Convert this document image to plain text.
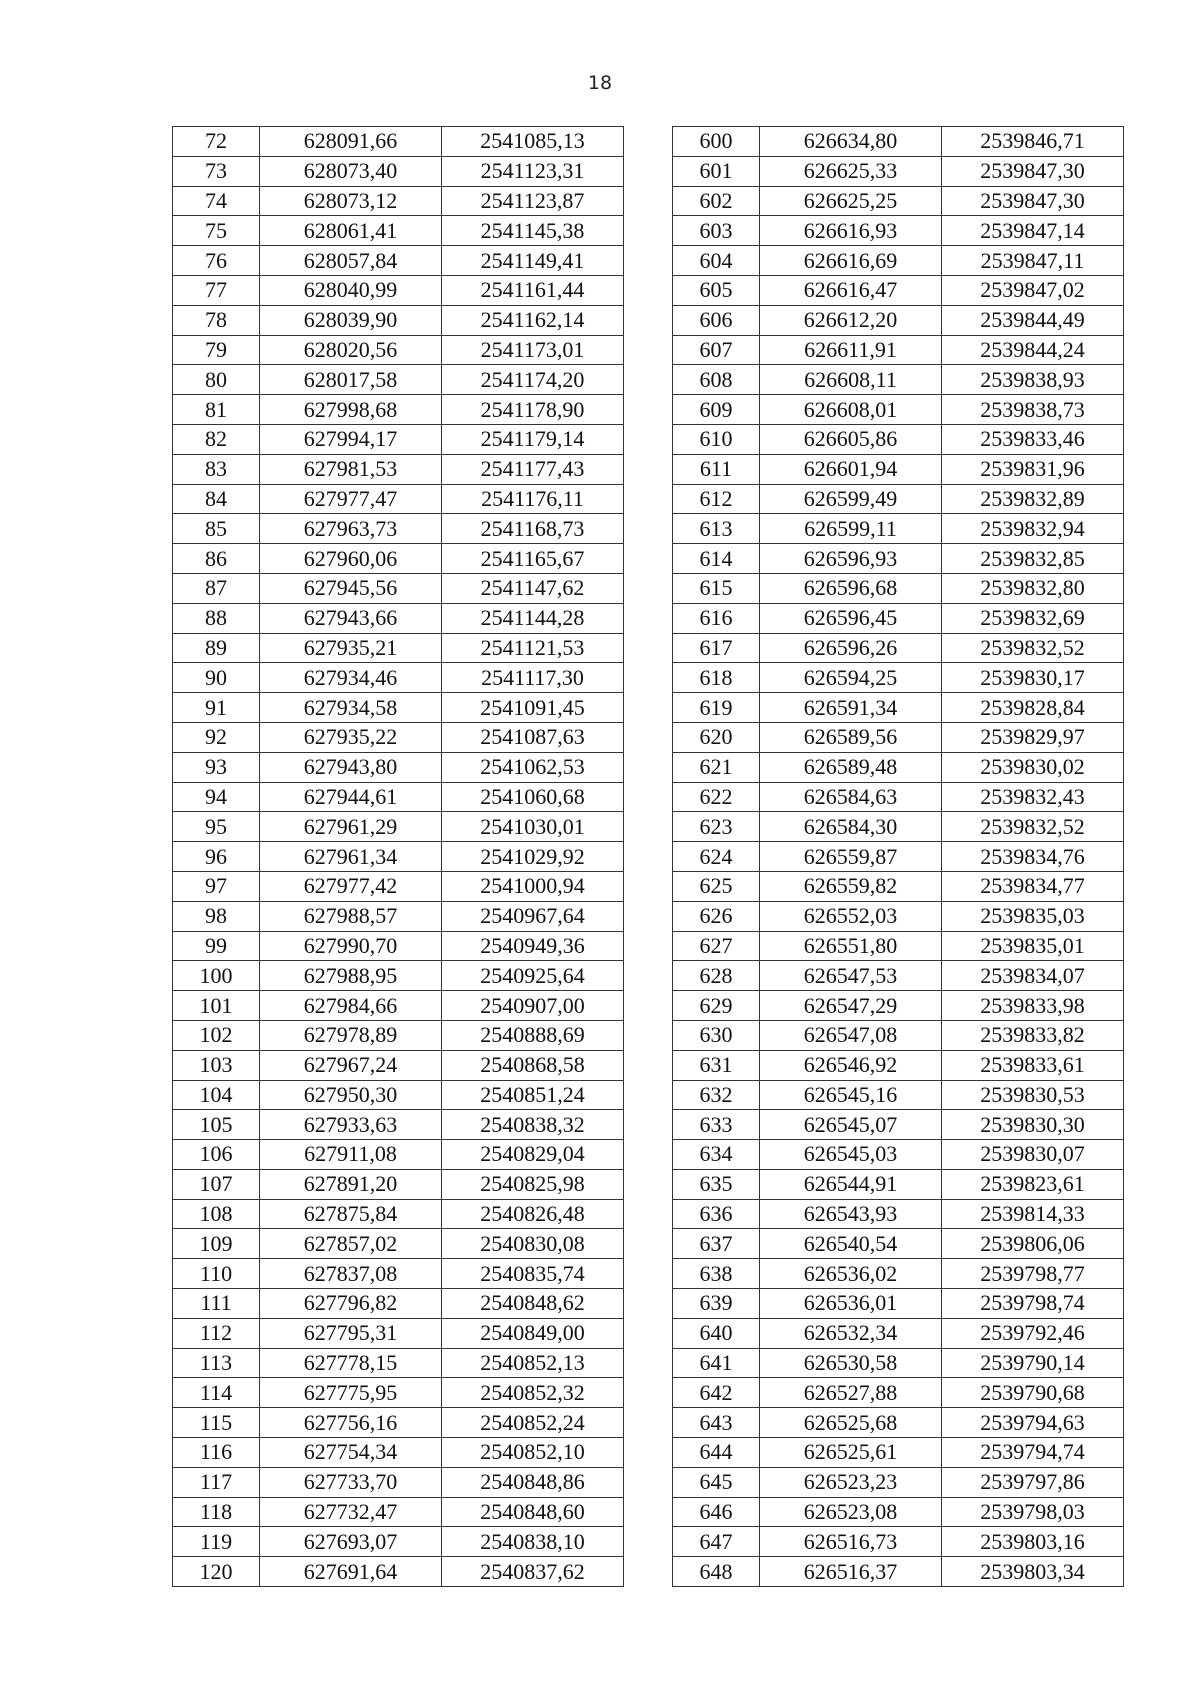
18
72	628091,66	2541085,13		600	626634,80	2539846,71
73	628073,40	2541123,31		601	626625,33	2539847,30
74	628073,12	2541123,87		602	626625,25	2539847,30
75	628061,41	2541145,38		603	626616,93	2539847,14
76	628057,84	2541149,41		604	626616,69	2539847,11
77	628040,99	2541161,44		605	626616,47	2539847,02
78	628039,90	2541162,14		606	626612,20	2539844,49
79	628020,56	2541173,01		607	626611,91	2539844,24
80	628017,58	2541174,20		608	626608,11	2539838,93
81	627998,68	2541178,90		609	626608,01	2539838,73
82	627994,17	2541179,14		610	626605,86	2539833,46
83	627981,53	2541177,43		611	626601,94	2539831,96
84	627977,47	2541176,11		612	626599,49	2539832,89
85	627963,73	2541168,73		613	626599,11	2539832,94
86	627960,06	2541165,67		614	626596,93	2539832,85
87	627945,56	2541147,62		615	626596,68	2539832,80
88	627943,66	2541144,28		616	626596,45	2539832,69
89	627935,21	2541121,53		617	626596,26	2539832,52
90	627934,46	2541117,30		618	626594,25	2539830,17
91	627934,58	2541091,45		619	626591,34	2539828,84
92	627935,22	2541087,63		620	626589,56	2539829,97
93	627943,80	2541062,53		621	626589,48	2539830,02
94	627944,61	2541060,68		622	626584,63	2539832,43
95	627961,29	2541030,01		623	626584,30	2539832,52
96	627961,34	2541029,92		624	626559,87	2539834,76
97	627977,42	2541000,94		625	626559,82	2539834,77
98	627988,57	2540967,64		626	626552,03	2539835,03
99	627990,70	2540949,36		627	626551,80	2539835,01
100	627988,95	2540925,64		628	626547,53	2539834,07
101	627984,66	2540907,00		629	626547,29	2539833,98
102	627978,89	2540888,69		630	626547,08	2539833,82
103	627967,24	2540868,58		631	626546,92	2539833,61
104	627950,30	2540851,24		632	626545,16	2539830,53
105	627933,63	2540838,32		633	626545,07	2539830,30
106	627911,08	2540829,04		634	626545,03	2539830,07
107	627891,20	2540825,98		635	626544,91	2539823,61
108	627875,84	2540826,48		636	626543,93	2539814,33
109	627857,02	2540830,08		637	626540,54	2539806,06
110	627837,08	2540835,74		638	626536,02	2539798,77
111	627796,82	2540848,62		639	626536,01	2539798,74
112	627795,31	2540849,00		640	626532,34	2539792,46
113	627778,15	2540852,13		641	626530,58	2539790,14
114	627775,95	2540852,32		642	626527,88	2539790,68
115	627756,16	2540852,24		643	626525,68	2539794,63
116	627754,34	2540852,10		644	626525,61	2539794,74
117	627733,70	2540848,86		645	626523,23	2539797,86
118	627732,47	2540848,60		646	626523,08	2539798,03
119	627693,07	2540838,10		647	626516,73	2539803,16
120	627691,64	2540837,62		648	626516,37	2539803,34
